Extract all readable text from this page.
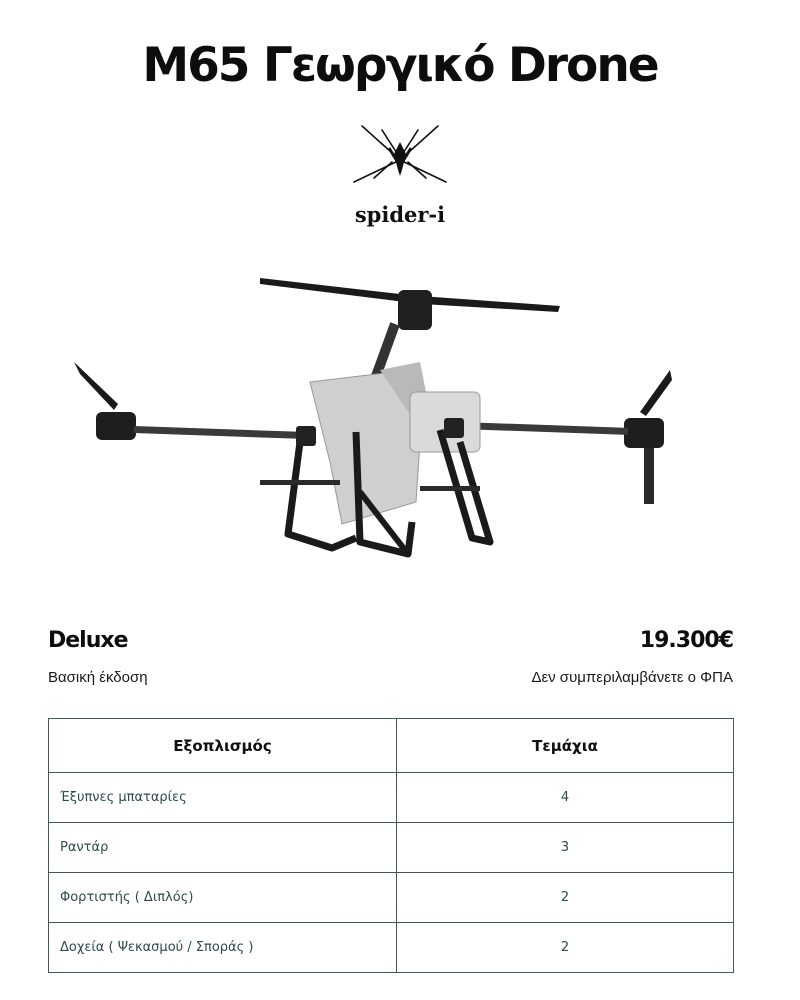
M65 Γεωργικό Drone
spider-i
Deluxe
Βασική έκδοση
19.300€
Δεν συμπεριλαμβάνετε ο ΦΠΑ
Εξοπλισμός	Τεμάχια
Έξυπνες μπαταρίες	4
Ραντάρ	3
Φορτιστής ( Διπλός)	2
Δοχεία ( Ψεκασμού / Σποράς )	2
